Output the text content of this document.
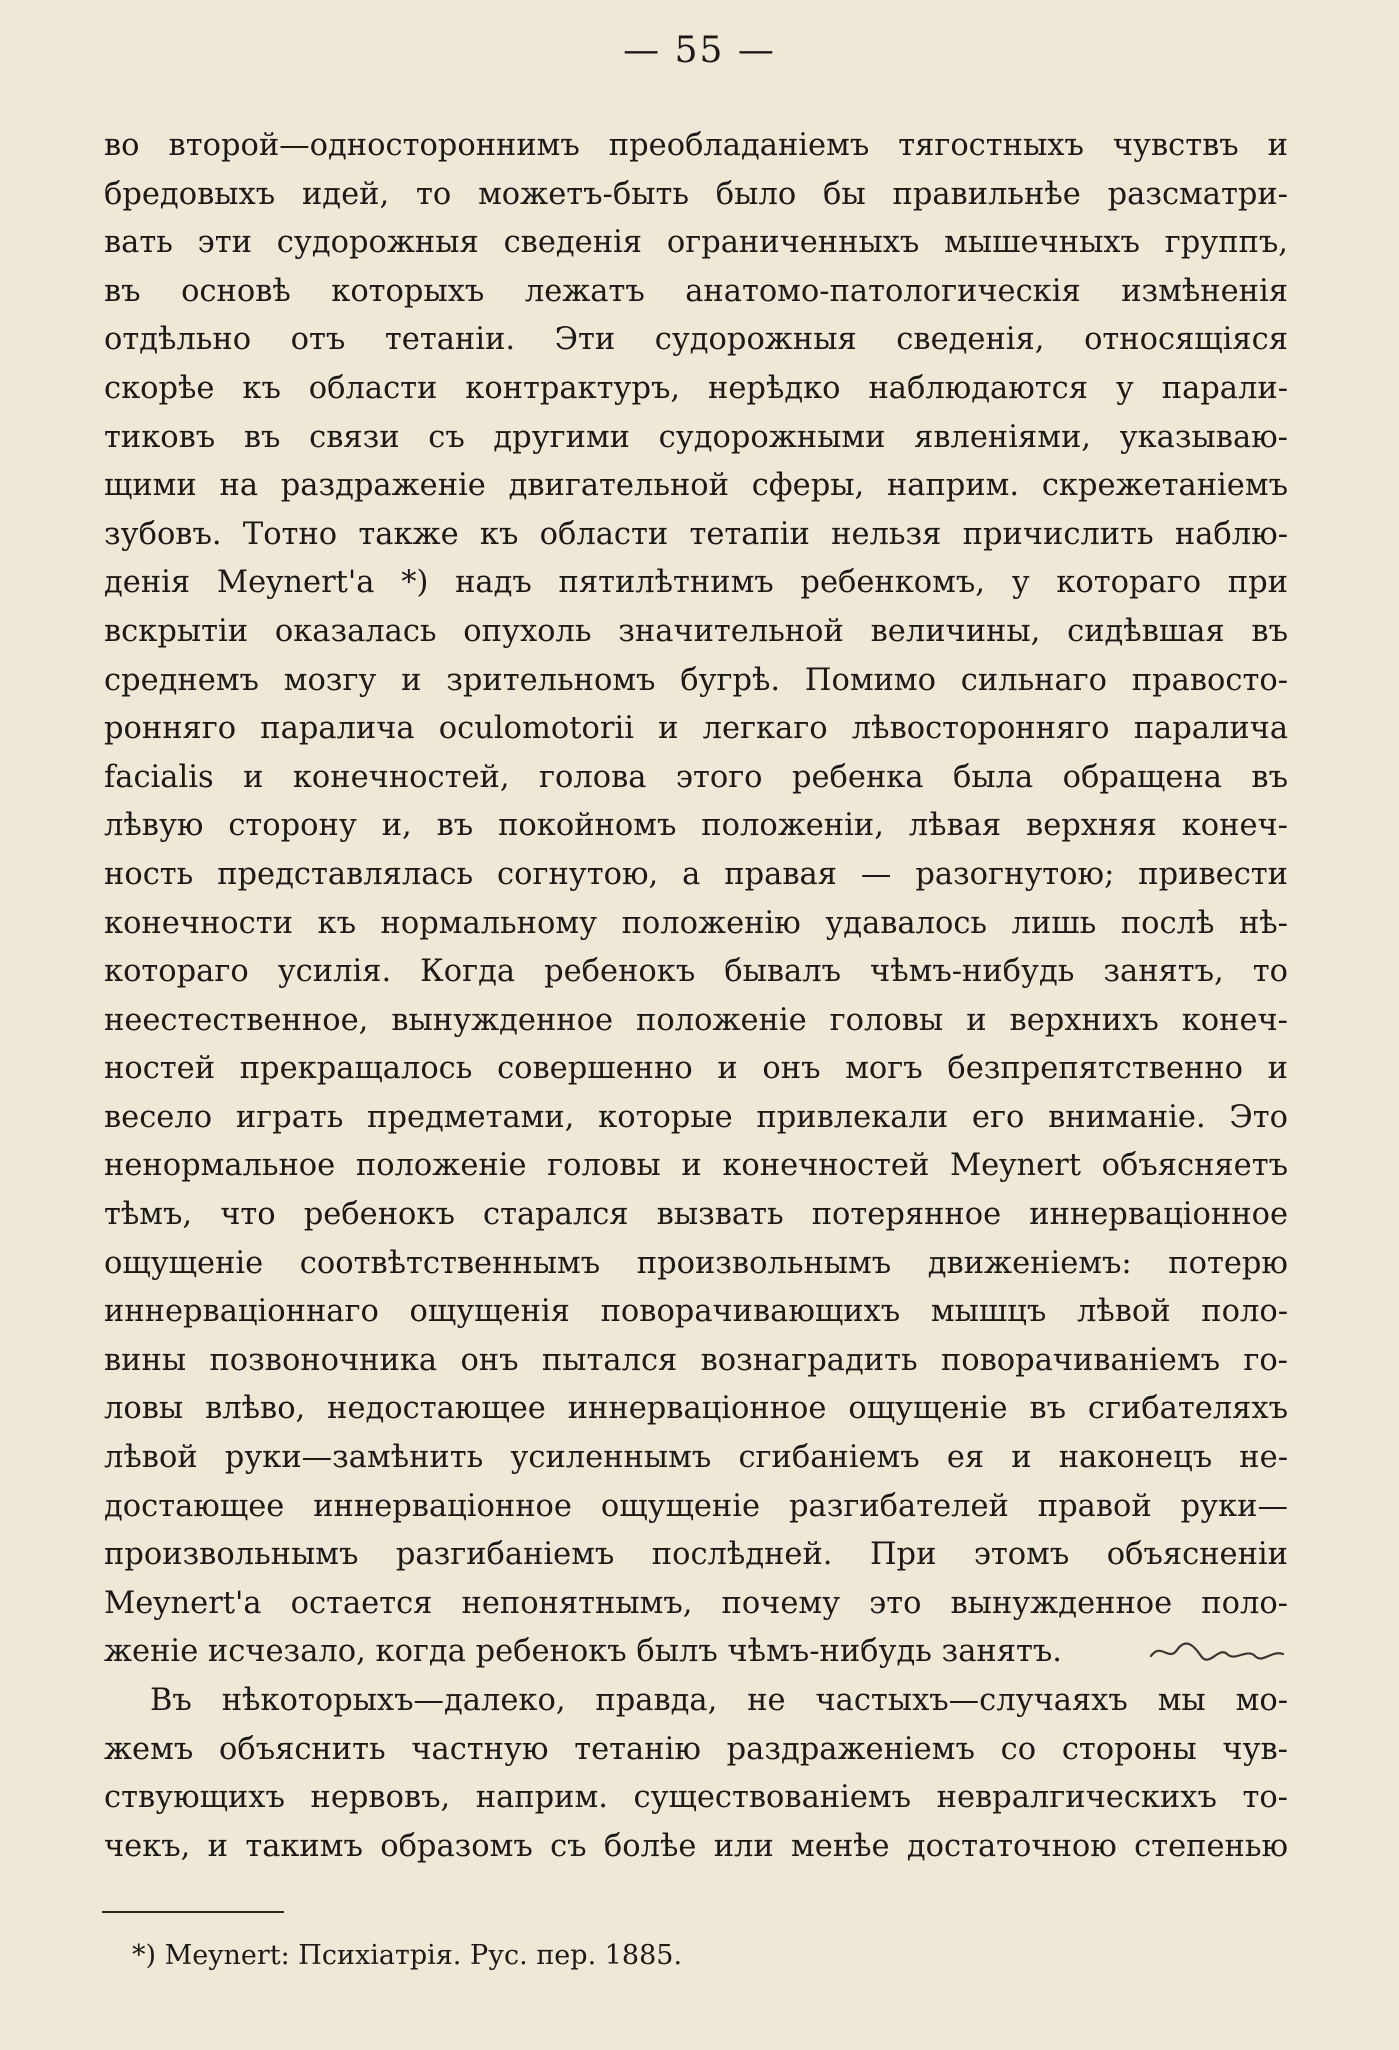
— 55 —
во второй—одностороннимъ преобладаніемъ тягостныхъ чувствъ и
бредовыхъ идей, то можетъ-быть было бы правильнѣе разсматри-
вать эти судорожныя сведенія ограниченныхъ мышечныхъ группъ,
въ основѣ которыхъ лежатъ анатомо-патологическія измѣненія
отдѣльно отъ тетаніи. Эти судорожныя сведенія, относящіяся
скорѣе къ области контрактуръ, нерѣдко наблюдаются у парали-
тиковъ въ связи съ другими судорожными явленіями, указываю-
щими на раздраженіе двигательной сферы, наприм. скрежетаніемъ
зубовъ. Тотно также къ области тетапіи нельзя причислить наблю-
денія Meynert'а *) надъ пятилѣтнимъ ребенкомъ, у котораго при
вскрытіи оказалась опухоль значительной величины, сидѣвшая въ
среднемъ мозгу и зрительномъ бугрѣ. Помимо сильнаго правосто-
ронняго паралича oculomotorii и легкаго лѣвосторонняго паралича
facialis и конечностей, голова этого ребенка была обращена въ
лѣвую сторону и, въ покойномъ положеніи, лѣвая верхняя конеч-
ность представлялась согнутою, а правая — разогнутою; привести
конечности къ нормальному положенію удавалось лишь послѣ нѣ-
котораго усилія. Когда ребенокъ бывалъ чѣмъ-нибудь занятъ, то
неестественное, вынужденное положеніе головы и верхнихъ конеч-
ностей прекращалось совершенно и онъ могъ безпрепятственно и
весело играть предметами, которые привлекали его вниманіе. Это
ненормальное положеніе головы и конечностей Meynert объясняетъ
тѣмъ, что ребенокъ старался вызвать потерянное иннерваціонное
ощущеніе соотвѣтственнымъ произвольнымъ движеніемъ: потерю
иннерваціоннаго ощущенія поворачивающихъ мышцъ лѣвой поло-
вины позвоночника онъ пытался вознаградить поворачиваніемъ го-
ловы влѣво, недостающее иннерваціонное ощущеніе въ сгибателяхъ
лѣвой руки—замѣнить усиленнымъ сгибаніемъ ея и наконецъ не-
достающее иннерваціонное ощущеніе разгибателей правой руки—
произвольнымъ разгибаніемъ послѣдней. При этомъ объясненіи
Meynert'а остается непонятнымъ, почему это вынужденное поло-
женіе исчезало, когда ребенокъ былъ чѣмъ-нибудь занятъ.
Въ нѣкоторыхъ—далеко, правда, не частыхъ—случаяхъ мы мо-
жемъ объяснить частную тетанію раздраженіемъ со стороны чув-
ствующихъ нервовъ, наприм. существованіемъ невралгическихъ то-
чекъ, и такимъ образомъ съ болѣе или менѣе достаточною степенью
*) Meynert: Психіатрія. Рус. пер. 1885.
